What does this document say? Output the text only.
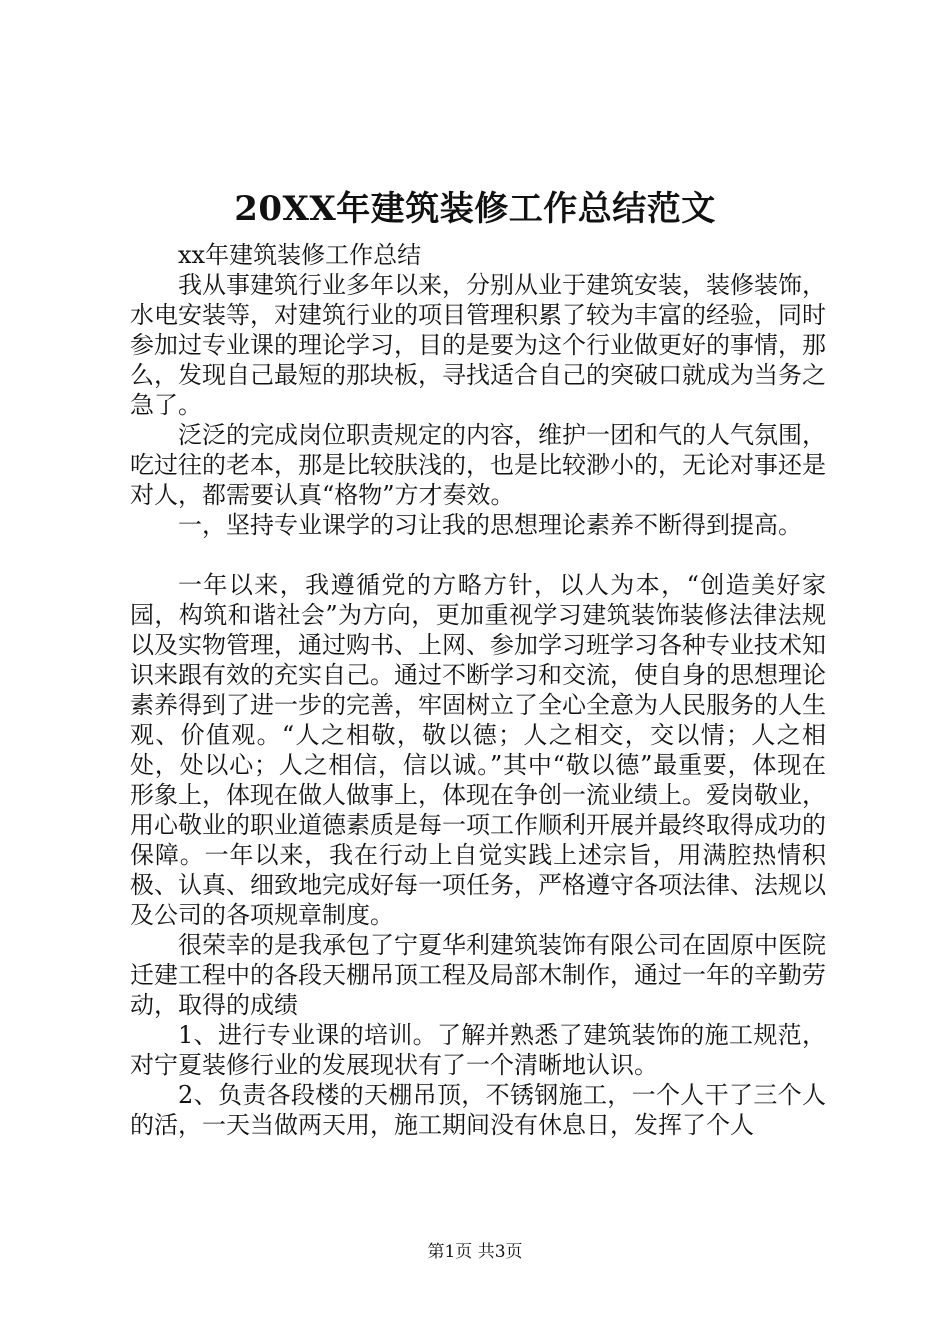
20XX年建筑装修工作总结范文

xx年建筑装修工作总结

我从事建筑行业多年以来，分别从业于建筑安装，装修装饰，水电安装等，对建筑行业的项目管理积累了较为丰富的经验，同时参加过专业课的理论学习，目的是要为这个行业做更好的事情，那么，发现自己最短的那块板，寻找适合自己的突破口就成为当务之急了。

泛泛的完成岗位职责规定的内容，维护一团和气的人气氛围，吃过往的老本，那是比较肤浅的，也是比较渺小的，无论对事还是对人，都需要认真“格物”方才奏效。

一，坚持专业课学的习让我的思想理论素养不断得到提高。

一年以来，我遵循党的方略方针，以人为本，“创造美好家园，构筑和谐社会”为方向，更加重视学习建筑装饰装修法律法规以及实物管理，通过购书、上网、参加学习班学习各种专业技术知识来跟有效的充实自己。通过不断学习和交流，使自身的思想理论素养得到了进一步的完善，牢固树立了全心全意为人民服务的人生观、价值观。“人之相敬，敬以德；人之相交，交以情；人之相处，处以心；人之相信，信以诚。”其中“敬以德”最重要，体现在形象上，体现在做人做事上，体现在争创一流业绩上。爱岗敬业，用心敬业的职业道德素质是每一项工作顺利开展并最终取得成功的保障。一年以来，我在行动上自觉实践上述宗旨，用满腔热情积极、认真、细致地完成好每一项任务，严格遵守各项法律、法规以及公司的各项规章制度。

很荣幸的是我承包了宁夏华利建筑装饰有限公司在固原中医院迁建工程中的各段天棚吊顶工程及局部木制作，通过一年的辛勤劳动，取得的成绩

1、进行专业课的培训。了解并熟悉了建筑装饰的施工规范，对宁夏装修行业的发展现状有了一个清晰地认识。

2、负责各段楼的天棚吊顶，不锈钢施工，一个人干了三个人的活，一天当做两天用，施工期间没有休息日，发挥了个人

第1页 共3页
